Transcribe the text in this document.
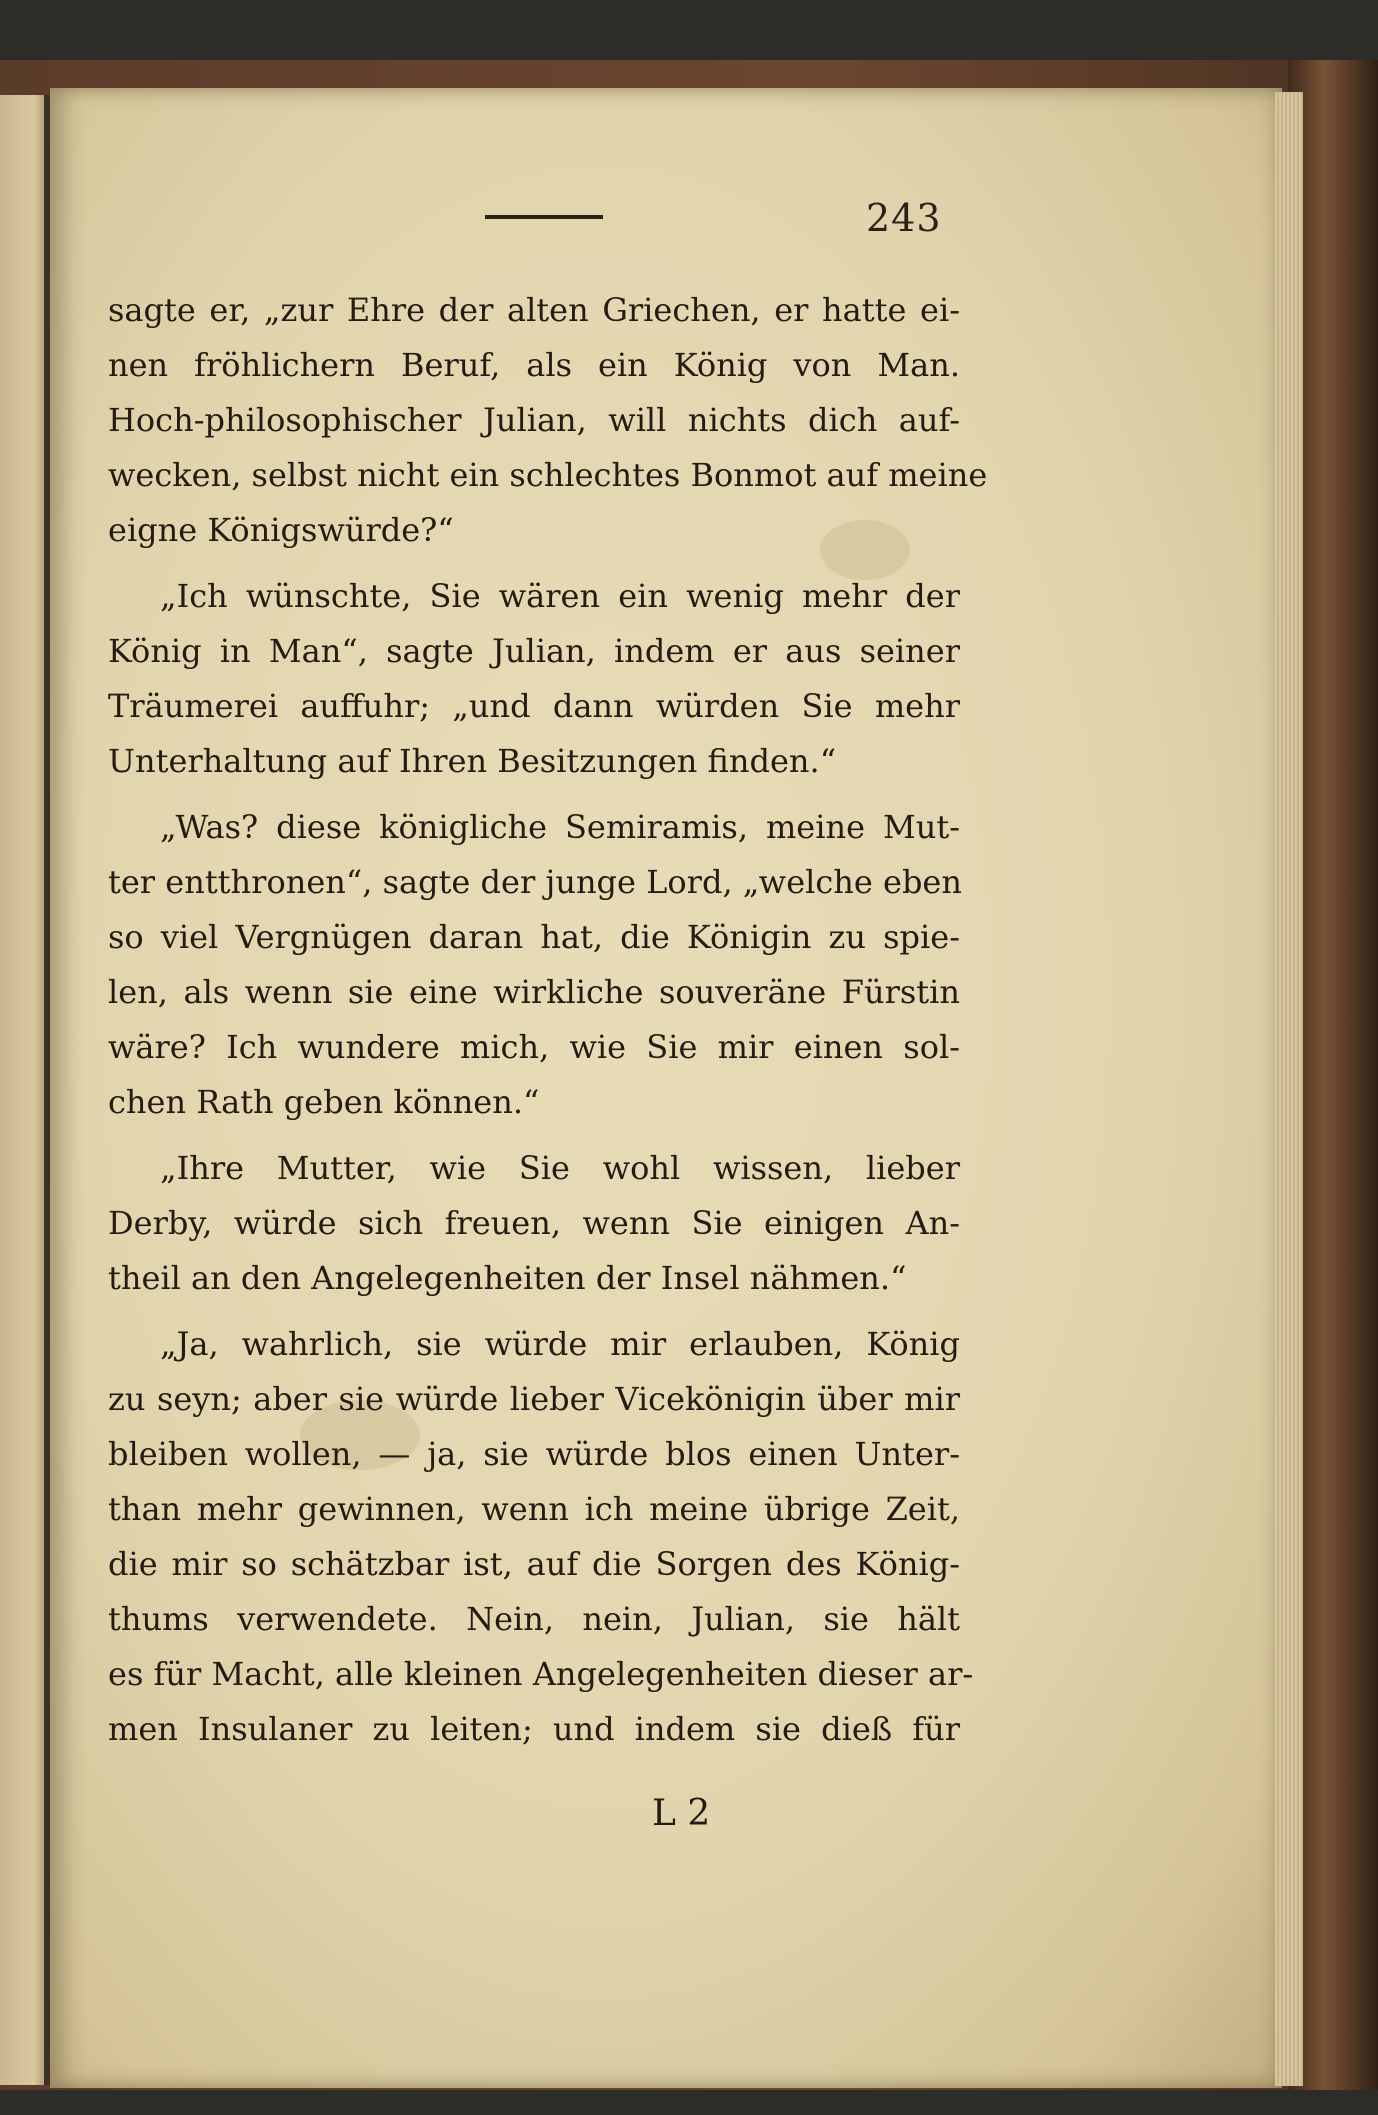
243
sagte er, „zur Ehre der alten Griechen, er hatte ei-
nen fröhlichern Beruf, als ein König von Man.
Hoch-philosophischer Julian, will nichts dich auf-
wecken, selbst nicht ein schlechtes Bonmot auf meine
eigne Königswürde?“
„Ich wünschte, Sie wären ein wenig mehr der
König in Man“, sagte Julian, indem er aus seiner
Träumerei auffuhr; „und dann würden Sie mehr
Unterhaltung auf Ihren Besitzungen finden.“
„Was? diese königliche Semiramis, meine Mut-
ter entthronen“, sagte der junge Lord, „welche eben
so viel Vergnügen daran hat, die Königin zu spie-
len, als wenn sie eine wirkliche souveräne Fürstin
wäre? Ich wundere mich, wie Sie mir einen sol-
chen Rath geben können.“
„Ihre Mutter, wie Sie wohl wissen, lieber
Derby, würde sich freuen, wenn Sie einigen An-
theil an den Angelegenheiten der Insel nähmen.“
„Ja, wahrlich, sie würde mir erlauben, König
zu seyn; aber sie würde lieber Vicekönigin über mir
bleiben wollen, — ja, sie würde blos einen Unter-
than mehr gewinnen, wenn ich meine übrige Zeit,
die mir so schätzbar ist, auf die Sorgen des König-
thums verwendete. Nein, nein, Julian, sie hält
es für Macht, alle kleinen Angelegenheiten dieser ar-
men Insulaner zu leiten; und indem sie dieß für
L 2
